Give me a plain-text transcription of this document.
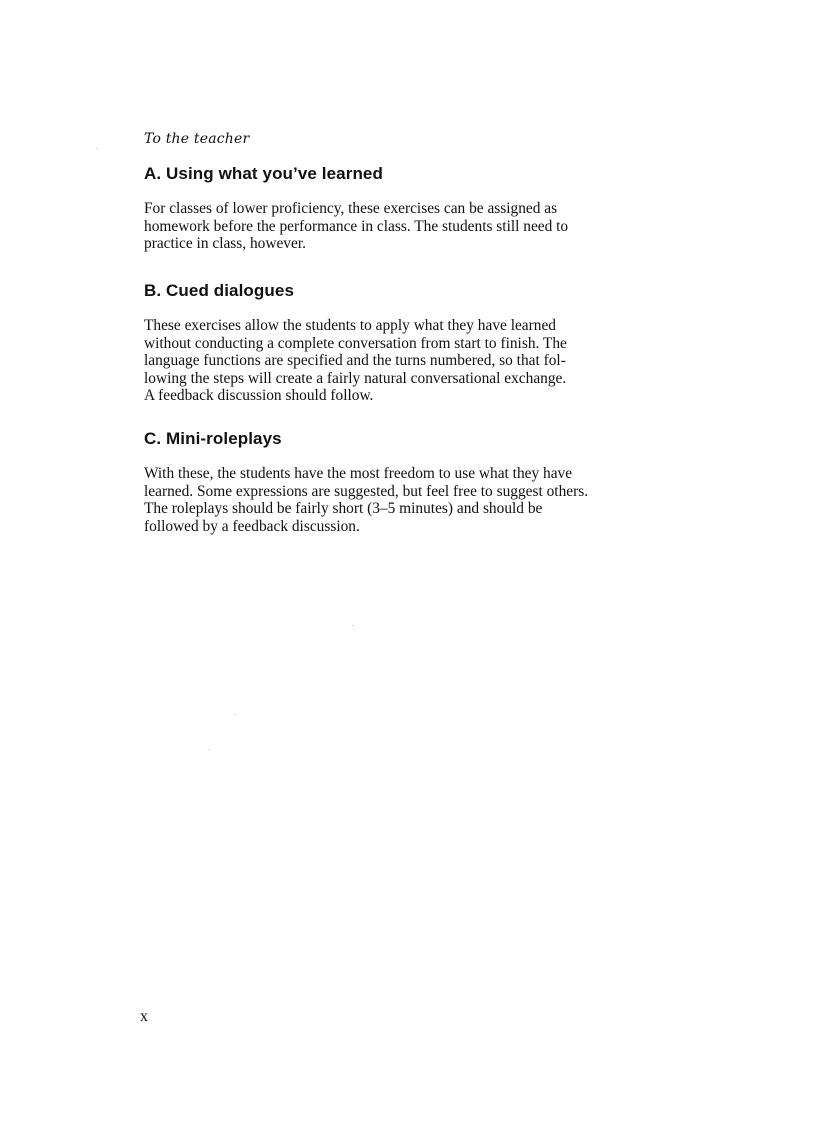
To the teacher
A. Using what you’ve learned

For classes of lower proficiency, these exercises can be assigned as
homework before the performance in class. The students still need to
practice in class, however.

B. Cued dialogues

These exercises allow the students to apply what they have learned
without conducting a complete conversation from start to finish. The
language functions are specified and the turns numbered, so that fol-
lowing the steps will create a fairly natural conversational exchange.
A feedback discussion should follow.

C. Mini-roleplays

With these, the students have the most freedom to use what they have
learned. Some expressions are suggested, but feel free to suggest others.
The roleplays should be fairly short (3–5 minutes) and should be
followed by a feedback discussion.

x
